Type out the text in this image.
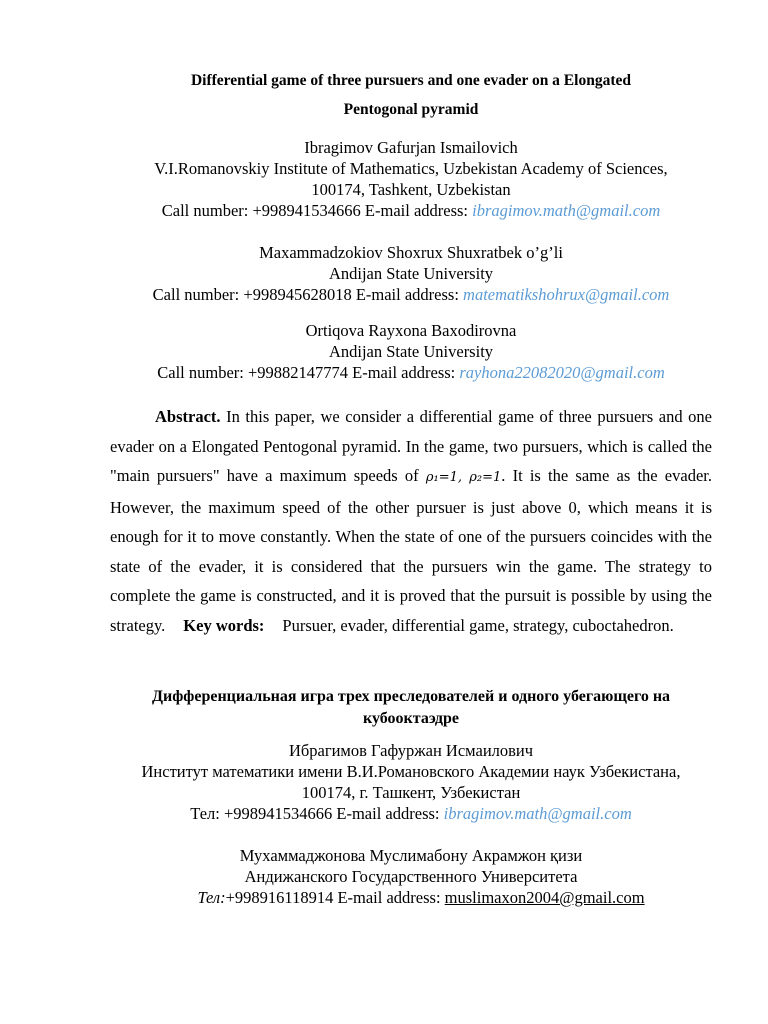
Differential game of three pursuers and one evader on a Elongated
Pentogonal pyramid
Ibragimov Gafurjan Ismailovich
V.I.Romanovskiy Institute of Mathematics, Uzbekistan Academy of Sciences,
100174, Tashkent, Uzbekistan
Call number: +998941534666 E-mail address: ibragimov.math@gmail.com
Maxammadzokiov Shoxrux Shuxratbek o’g’li
Andijan State University
Call number: +998945628018 E-mail address: matematikshohrux@gmail.com
Ortiqova Rayxona Baxodirovna
Andijan State University
Call number: +99882147774 E-mail address: rayhona22082020@gmail.com
Abstract. In this paper, we consider a differential game of three pursuers and one evader on a Elongated Pentogonal pyramid. In the game, two pursuers, which is called the "main pursuers" have a maximum speeds of ρ₁=1, ρ₂=1. It is the same as the evader. However, the maximum speed of the other pursuer is just above 0, which means it is enough for it to move constantly. When the state of one of the pursuers coincides with the state of the evader, it is considered that the pursuers win the game. The strategy to complete the game is constructed, and it is proved that the pursuit is possible by using the strategy. Key words: Pursuer, evader, differential game, strategy, cuboctahedron.
Дифференциальная игра трех преследователей и одного убегающего на
кубооктаэдре
Ибрагимов Гафуржан Исмаилович
Институт математики имени В.И.Романовского Академии наук Узбекистана,
100174, г. Ташкент, Узбекистан
Тел: +998941534666 E-mail address: ibragimov.math@gmail.com
Мухаммаджонова Муслимабону Акрамжон қизи
Андижанского Государственного Университета
Тел:+998916118914 E-mail address: muslimaxon2004@gmail.com
